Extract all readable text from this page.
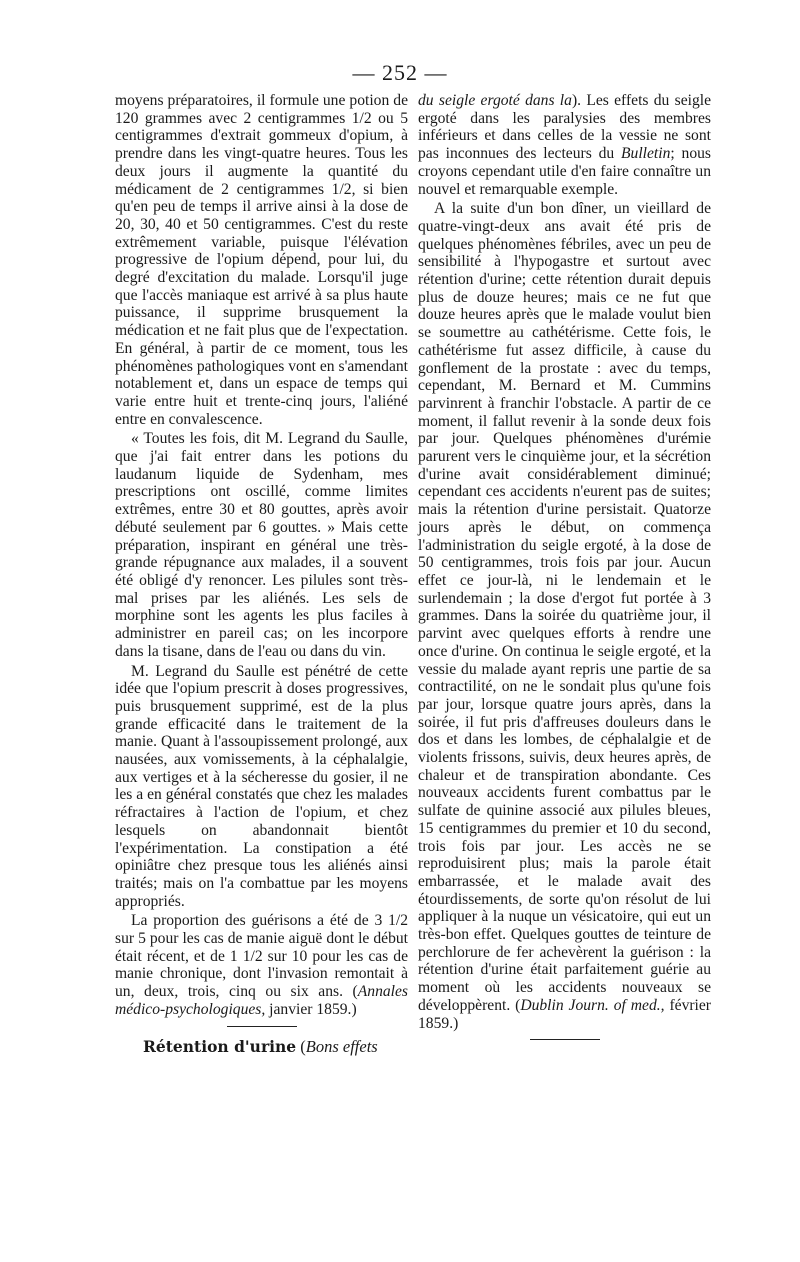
— 252 —

moyens préparatoires, il formule une potion de 120 grammes avec 2 centigrammes 1/2 ou 5 centigrammes d'extrait gommeux d'opium, à prendre dans les vingt-quatre heures. Tous les deux jours il augmente la quantité du médicament de 2 centigrammes 1/2, si bien qu'en peu de temps il arrive ainsi à la dose de 20, 30, 40 et 50 centigrammes. C'est du reste extrêmement variable, puisque l'élévation progressive de l'opium dépend, pour lui, du degré d'excitation du malade. Lorsqu'il juge que l'accès maniaque est arrivé à sa plus haute puissance, il supprime brusquement la médication et ne fait plus que de l'expectation. En général, à partir de ce moment, tous les phénomènes pathologiques vont en s'amendant notablement et, dans un espace de temps qui varie entre huit et trente-cinq jours, l'aliéné entre en convalescence.

« Toutes les fois, dit M. Legrand du Saulle, que j'ai fait entrer dans les potions du laudanum liquide de Sydenham, mes prescriptions ont oscillé, comme limites extrêmes, entre 30 et 80 gouttes, après avoir débuté seulement par 6 gouttes. » Mais cette préparation, inspirant en général une très-grande répugnance aux malades, il a souvent été obligé d'y renoncer. Les pilules sont très-mal prises par les aliénés. Les sels de morphine sont les agents les plus faciles à administrer en pareil cas; on les incorpore dans la tisane, dans de l'eau ou dans du vin.

M. Legrand du Saulle est pénétré de cette idée que l'opium prescrit à doses progressives, puis brusquement supprimé, est de la plus grande efficacité dans le traitement de la manie. Quant à l'assoupissement prolongé, aux nausées, aux vomissements, à la céphalalgie, aux vertiges et à la sécheresse du gosier, il ne les a en général constatés que chez les malades réfractaires à l'action de l'opium, et chez lesquels on abandonnait bientôt l'expérimentation. La constipation a été opiniâtre chez presque tous les aliénés ainsi traités; mais on l'a combattue par les moyens appropriés.

La proportion des guérisons a été de 3 1/2 sur 5 pour les cas de manie aiguë dont le début était récent, et de 1 1/2 sur 10 pour les cas de manie chronique, dont l'invasion remontait à un, deux, trois, cinq ou six ans. (Annales médico-psychologiques, janvier 1859.)

Rétention d'urine (Bons effets

du seigle ergoté dans la). Les effets du seigle ergoté dans les paralysies des membres inférieurs et dans celles de la vessie ne sont pas inconnues des lecteurs du Bulletin; nous croyons cependant utile d'en faire connaître un nouvel et remarquable exemple.

A la suite d'un bon dîner, un vieillard de quatre-vingt-deux ans avait été pris de quelques phénomènes fébriles, avec un peu de sensibilité à l'hypogastre et surtout avec rétention d'urine; cette rétention durait depuis plus de douze heures; mais ce ne fut que douze heures après que le malade voulut bien se soumettre au cathétérisme. Cette fois, le cathétérisme fut assez difficile, à cause du gonflement de la prostate : avec du temps, cependant, M. Bernard et M. Cummins parvinrent à franchir l'obstacle. A partir de ce moment, il fallut revenir à la sonde deux fois par jour. Quelques phénomènes d'urémie parurent vers le cinquième jour, et la sécrétion d'urine avait considérablement diminué; cependant ces accidents n'eurent pas de suites; mais la rétention d'urine persistait. Quatorze jours après le début, on commença l'administration du seigle ergoté, à la dose de 50 centigrammes, trois fois par jour. Aucun effet ce jour-là, ni le lendemain et le surlendemain ; la dose d'ergot fut portée à 3 grammes. Dans la soirée du quatrième jour, il parvint avec quelques efforts à rendre une once d'urine. On continua le seigle ergoté, et la vessie du malade ayant repris une partie de sa contractilité, on ne le sondait plus qu'une fois par jour, lorsque quatre jours après, dans la soirée, il fut pris d'affreuses douleurs dans le dos et dans les lombes, de céphalalgie et de violents frissons, suivis, deux heures après, de chaleur et de transpiration abondante. Ces nouveaux accidents furent combattus par le sulfate de quinine associé aux pilules bleues, 15 centigrammes du premier et 10 du second, trois fois par jour. Les accès ne se reproduisirent plus; mais la parole était embarrassée, et le malade avait des étourdissements, de sorte qu'on résolut de lui appliquer à la nuque un vésicatoire, qui eut un très-bon effet. Quelques gouttes de teinture de perchlorure de fer achevèrent la guérison : la rétention d'urine était parfaitement guérie au moment où les accidents nouveaux se développèrent. (Dublin Journ. of med., février 1859.)
